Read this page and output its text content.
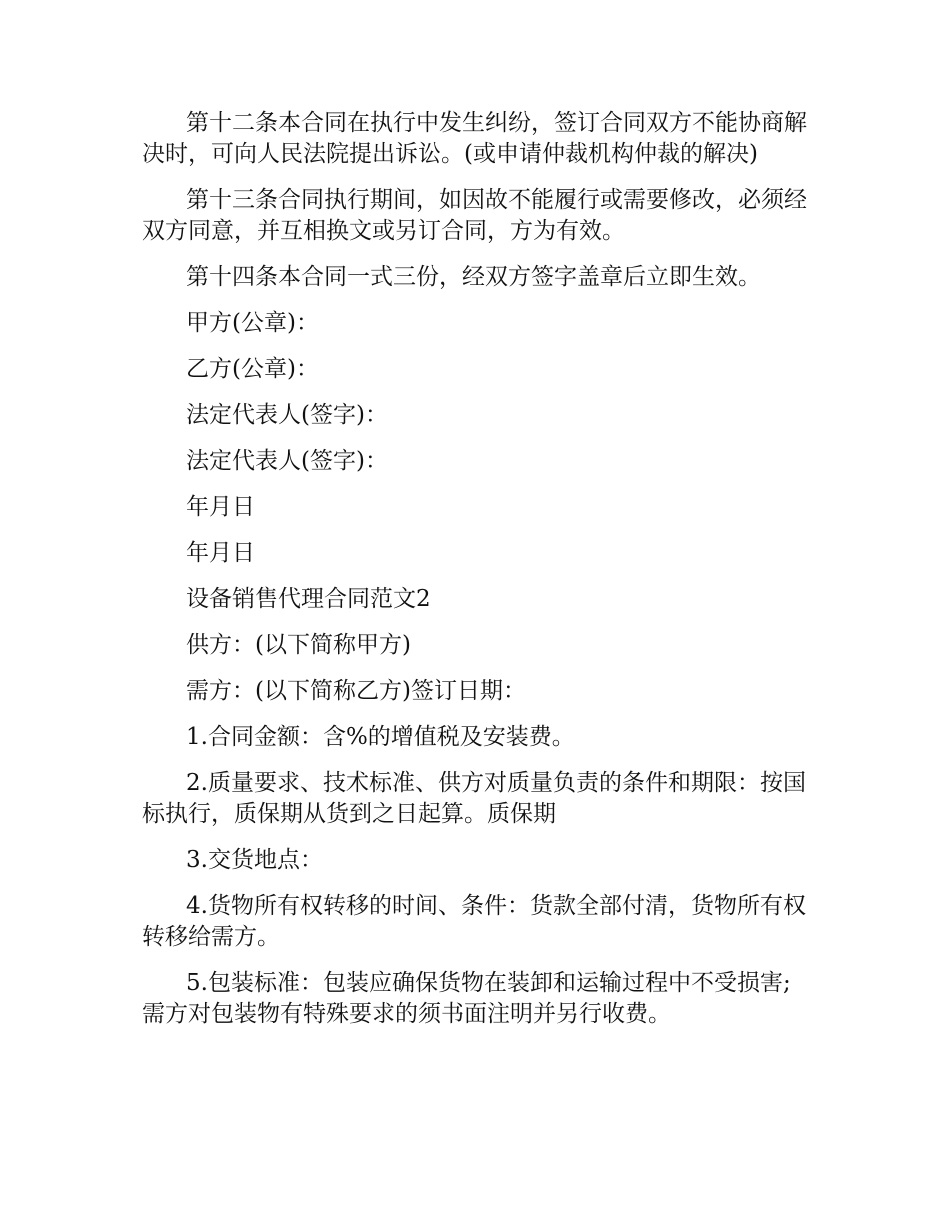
第十二条本合同在执行中发生纠纷，签订合同双方不能协商解决时，可向人民法院提出诉讼。(或申请仲裁机构仲裁的解决)

第十三条合同执行期间，如因故不能履行或需要修改，必须经双方同意，并互相换文或另订合同，方为有效。

第十四条本合同一式三份，经双方签字盖章后立即生效。

甲方(公章)：

乙方(公章)：

法定代表人(签字)：

法定代表人(签字)：

年月日

年月日

设备销售代理合同范文2

供方：(以下简称甲方)

需方：(以下简称乙方)签订日期：

1.合同金额：含%的增值税及安装费。

2.质量要求、技术标准、供方对质量负责的条件和期限：按国标执行，质保期从货到之日起算。质保期

3.交货地点：

4.货物所有权转移的时间、条件：货款全部付清，货物所有权转移给需方。

5.包装标准：包装应确保货物在装卸和运输过程中不受损害;需方对包装物有特殊要求的须书面注明并另行收费。
